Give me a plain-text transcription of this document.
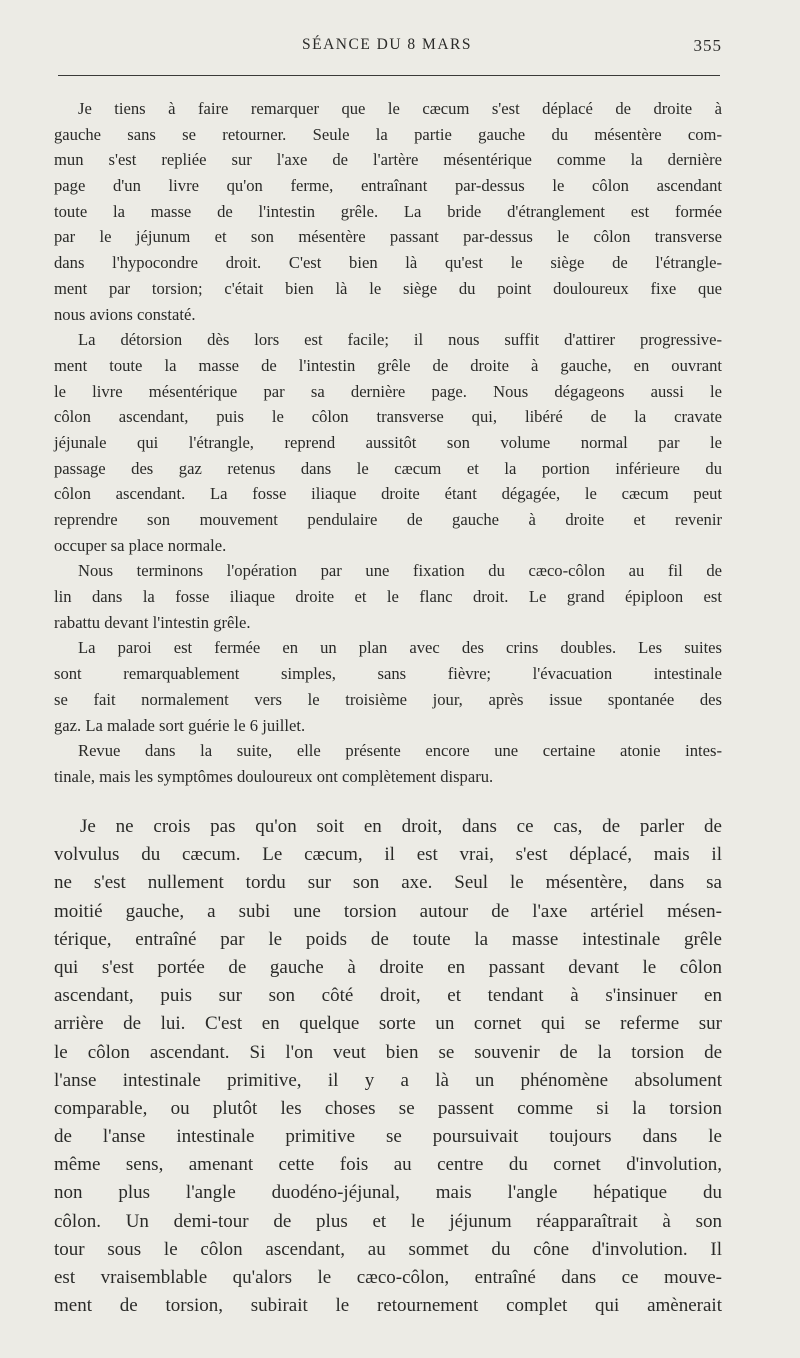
SÉANCE DU 8 MARS	355
Je tiens à faire remarquer que le cæcum s'est déplacé de droite à
gauche sans se retourner. Seule la partie gauche du mésentère com-
mun s'est repliée sur l'axe de l'artère mésentérique comme la dernière
page d'un livre qu'on ferme, entraînant par-dessus le côlon ascendant
toute la masse de l'intestin grêle. La bride d'étranglement est formée
par le jéjunum et son mésentère passant par-dessus le côlon transverse
dans l'hypocondre droit. C'est bien là qu'est le siège de l'étrangle-
ment par torsion; c'était bien là le siège du point douloureux fixe que
nous avions constaté.
La détorsion dès lors est facile; il nous suffit d'attirer progressive-
ment toute la masse de l'intestin grêle de droite à gauche, en ouvrant
le livre mésentérique par sa dernière page. Nous dégageons aussi le
côlon ascendant, puis le côlon transverse qui, libéré de la cravate
jéjunale qui l'étrangle, reprend aussitôt son volume normal par le
passage des gaz retenus dans le cæcum et la portion inférieure du
côlon ascendant. La fosse iliaque droite étant dégagée, le cæcum peut
reprendre son mouvement pendulaire de gauche à droite et revenir
occuper sa place normale.
Nous terminons l'opération par une fixation du cæco-côlon au fil de
lin dans la fosse iliaque droite et le flanc droit. Le grand épiploon est
rabattu devant l'intestin grêle.
La paroi est fermée en un plan avec des crins doubles. Les suites
sont remarquablement simples, sans fièvre; l'évacuation intestinale
se fait normalement vers le troisième jour, après issue spontanée des
gaz. La malade sort guérie le 6 juillet.
Revue dans la suite, elle présente encore une certaine atonie intes-
tinale, mais les symptômes douloureux ont complètement disparu.
Je ne crois pas qu'on soit en droit, dans ce cas, de parler de
volvulus du cæcum. Le cæcum, il est vrai, s'est déplacé, mais il
ne s'est nullement tordu sur son axe. Seul le mésentère, dans sa
moitié gauche, a subi une torsion autour de l'axe artériel mésen-
térique, entraîné par le poids de toute la masse intestinale grêle
qui s'est portée de gauche à droite en passant devant le côlon
ascendant, puis sur son côté droit, et tendant à s'insinuer en
arrière de lui. C'est en quelque sorte un cornet qui se referme sur
le côlon ascendant. Si l'on veut bien se souvenir de la torsion de
l'anse intestinale primitive, il y a là un phénomène absolument
comparable, ou plutôt les choses se passent comme si la torsion
de l'anse intestinale primitive se poursuivait toujours dans le
même sens, amenant cette fois au centre du cornet d'involution,
non plus l'angle duodéno-jéjunal, mais l'angle hépatique du
côlon. Un demi-tour de plus et le jéjunum réapparaîtrait à son
tour sous le côlon ascendant, au sommet du cône d'involution. Il
est vraisemblable qu'alors le cæco-côlon, entraîné dans ce mouve-
ment de torsion, subirait le retournement complet qui amènerait
